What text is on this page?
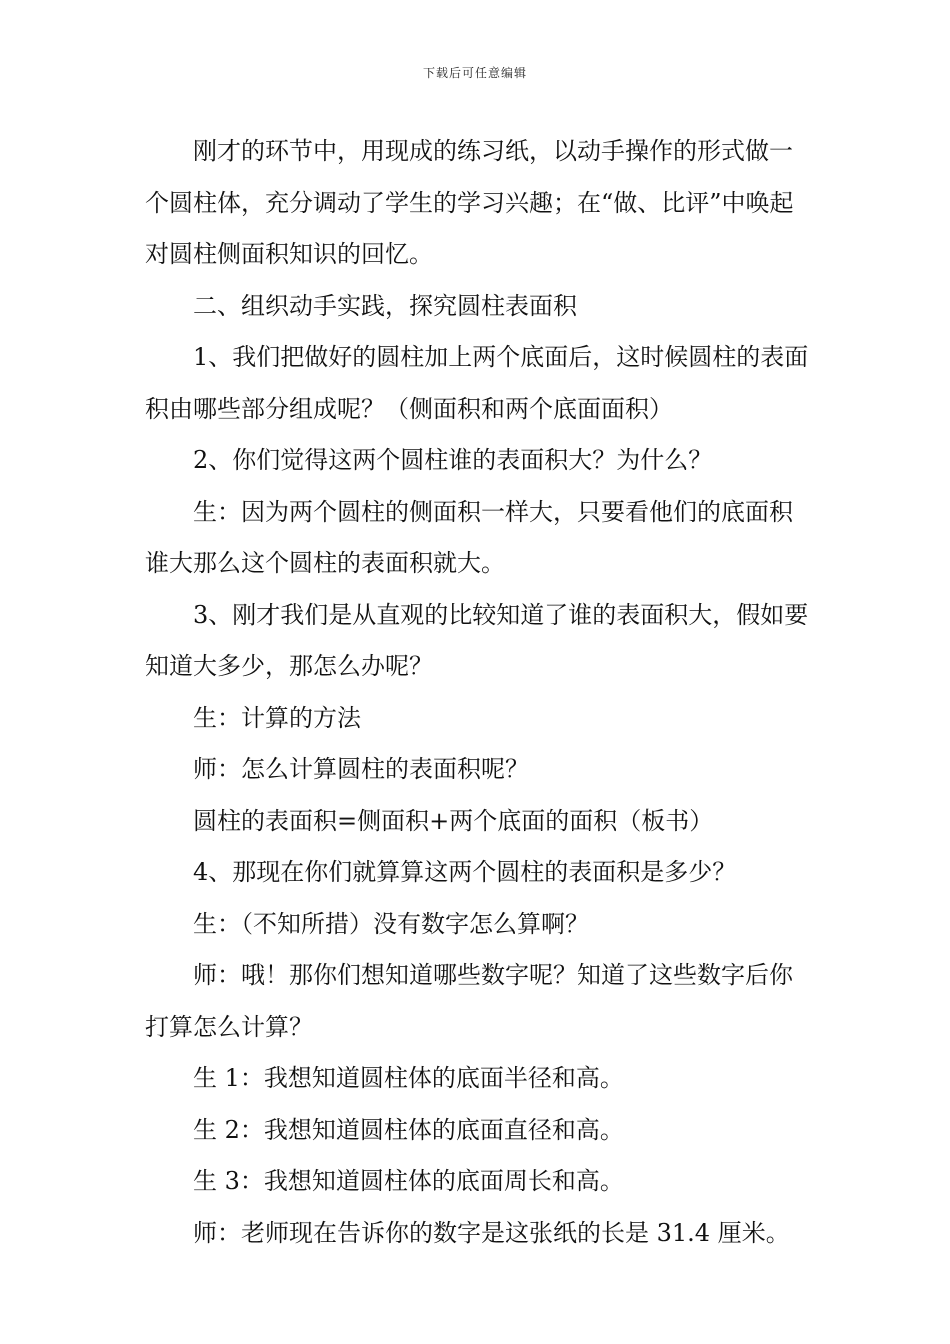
下载后可任意编辑

刚才的环节中，用现成的练习纸，以动手操作的形式做一个圆柱体，充分调动了学生的学习兴趣；在“做、比评”中唤起对圆柱侧面积知识的回忆。

二、组织动手实践，探究圆柱表面积

1、我们把做好的圆柱加上两个底面后，这时候圆柱的表面积由哪些部分组成呢？（侧面积和两个底面面积）

2、你们觉得这两个圆柱谁的表面积大？为什么？

生：因为两个圆柱的侧面积一样大，只要看他们的底面积谁大那么这个圆柱的表面积就大。

3、刚才我们是从直观的比较知道了谁的表面积大，假如要知道大多少，那怎么办呢？

生：计算的方法

师：怎么计算圆柱的表面积呢？

圆柱的表面积=侧面积+两个底面的面积（板书）

4、那现在你们就算算这两个圆柱的表面积是多少？

生：（不知所措）没有数字怎么算啊？

师：哦！那你们想知道哪些数字呢？知道了这些数字后你打算怎么计算？

生 1：我想知道圆柱体的底面半径和高。

生 2：我想知道圆柱体的底面直径和高。

生 3：我想知道圆柱体的底面周长和高。

师：老师现在告诉你的数字是这张纸的长是 31.4 厘米。
